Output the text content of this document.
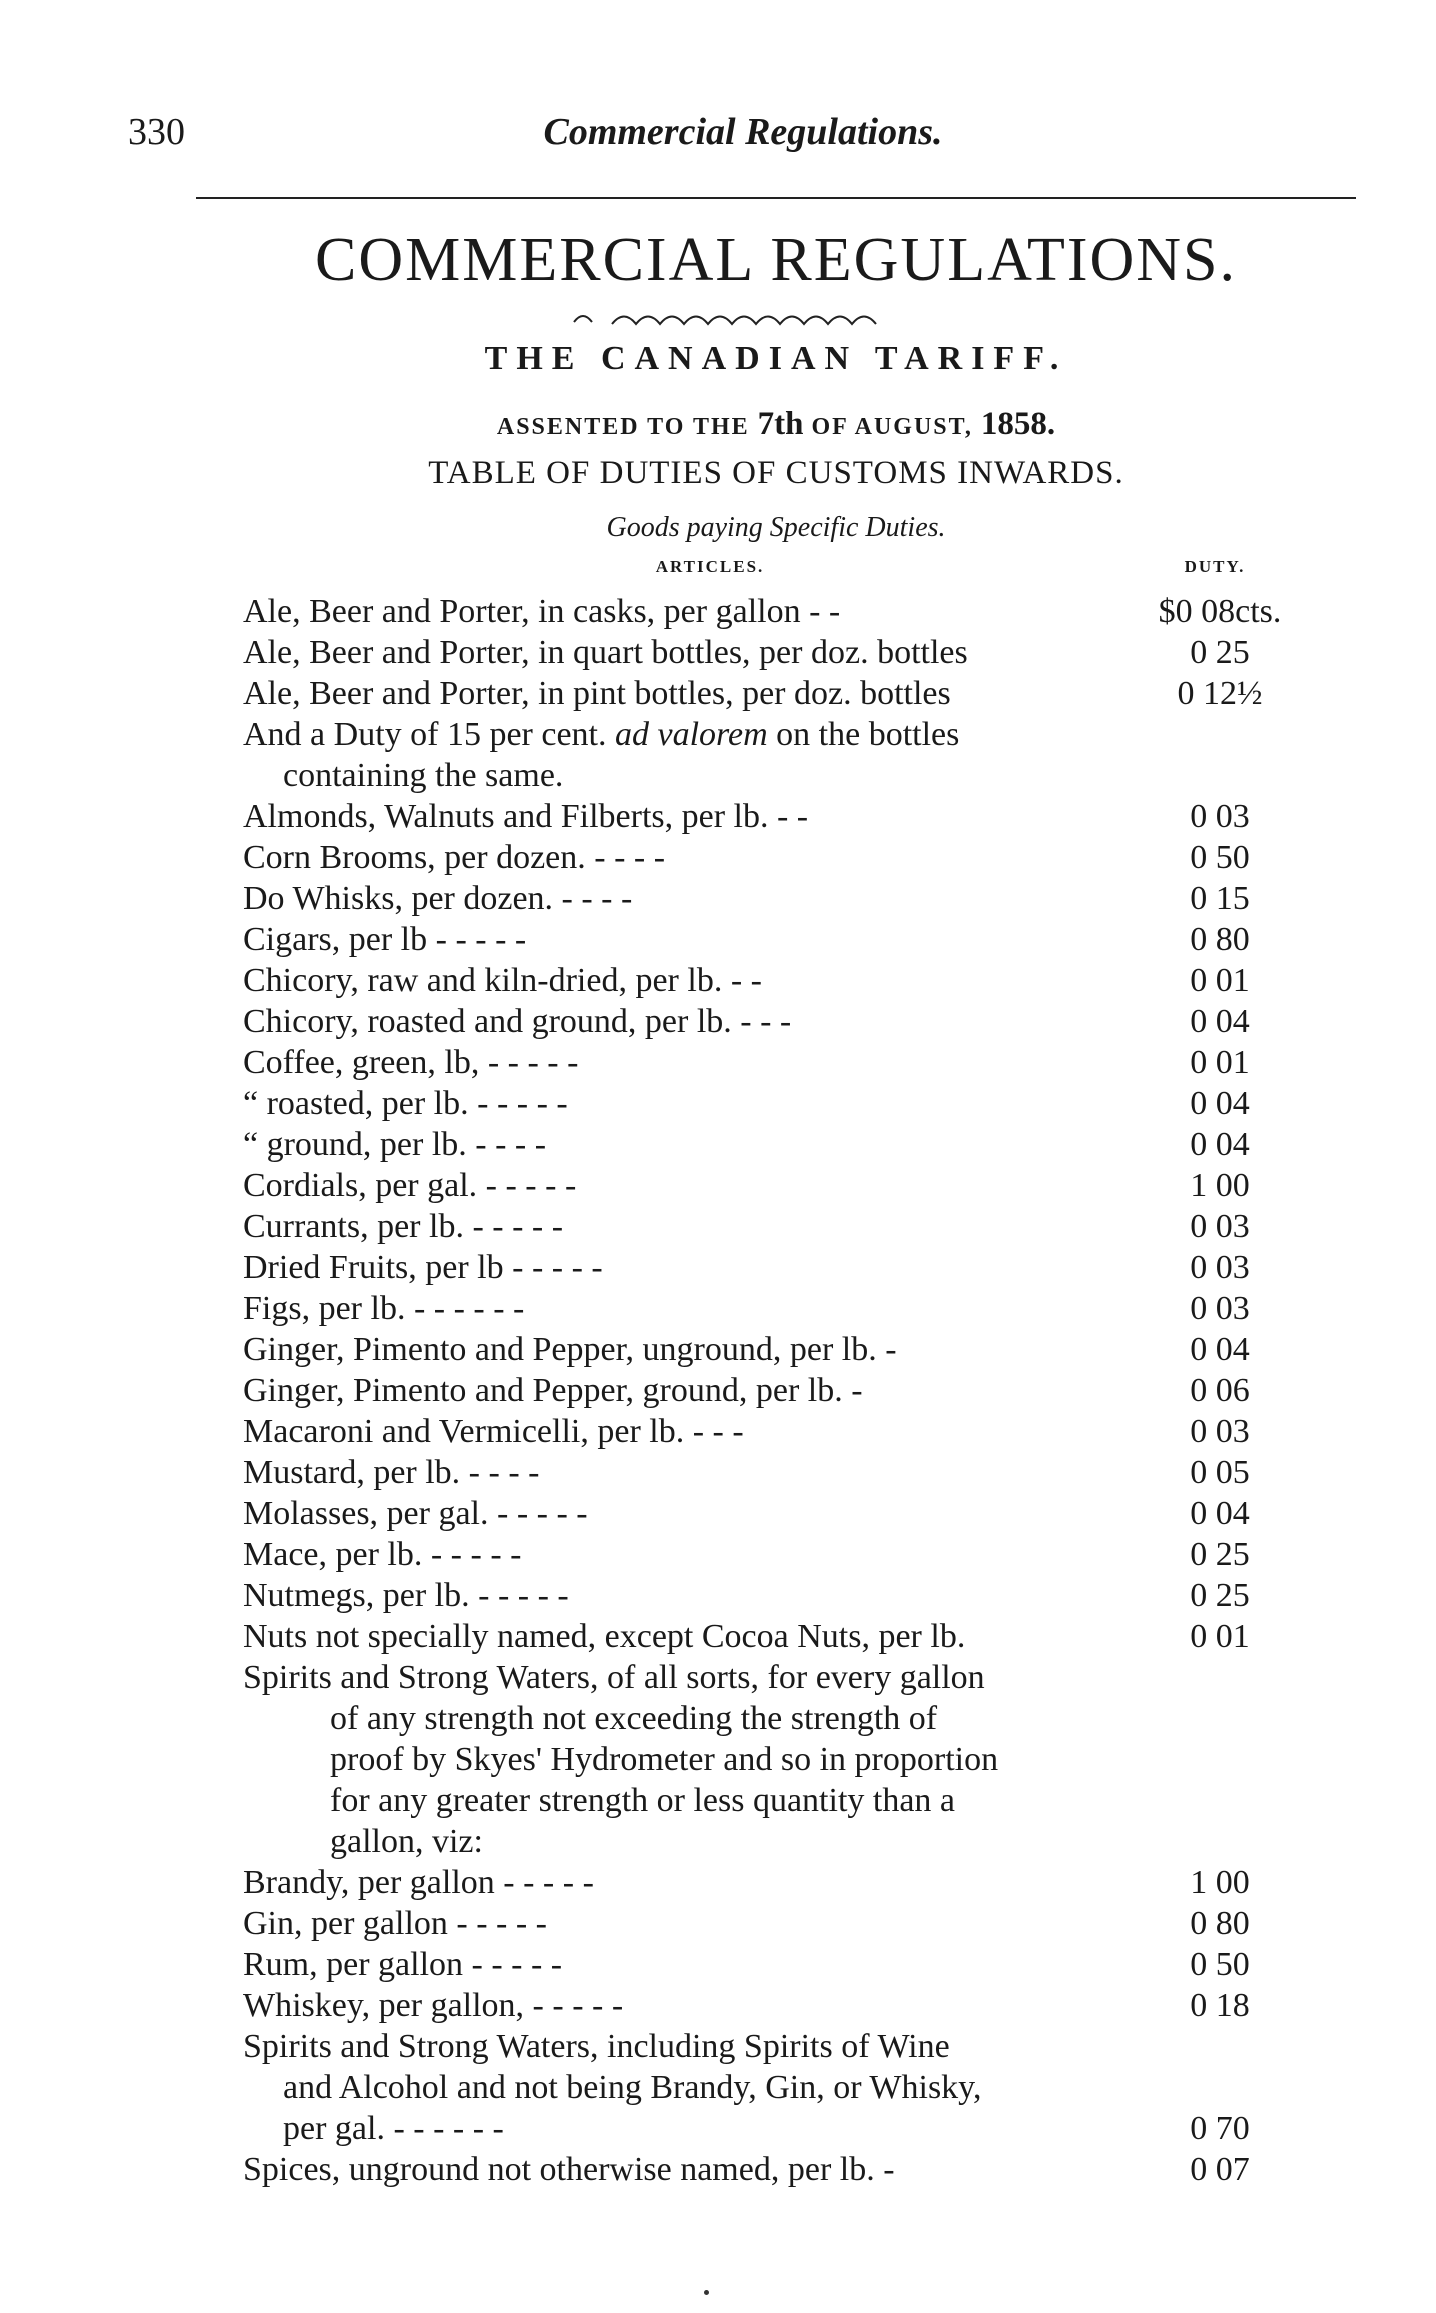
330	Commercial Regulations.
COMMERCIAL REGULATIONS.
THE CANADIAN TARIFF.
ASSENTED TO THE 7th OF AUGUST, 1858.
TABLE OF DUTIES OF CUSTOMS INWARDS.
Goods paying Specific Duties.
ARTICLES.	DUTY.
Ale, Beer and Porter, in casks, per gallon - -	$0 08cts.
Ale, Beer and Porter, in quart bottles, per doz. bottles	0 25
Ale, Beer and Porter, in pint bottles, per doz. bottles	0 12½
And a Duty of 15 per cent. ad valorem on the bottles
containing the same.
Almonds, Walnuts and Filberts, per lb. - -	0 03
Corn Brooms, per dozen. - - - -	0 50
Do Whisks, per dozen. - - - -	0 15
Cigars, per lb - - - - -	0 80
Chicory, raw and kiln-dried, per lb. - -	0 01
Chicory, roasted and ground, per lb. - - -	0 04
Coffee, green, lb, - - - - -	0 01
“ roasted, per lb. - - - - -	0 04
“ ground, per lb. - - - -	0 04
Cordials, per gal. - - - - -	1 00
Currants, per lb. - - - - -	0 03
Dried Fruits, per lb - - - - -	0 03
Figs, per lb. - - - - - -	0 03
Ginger, Pimento and Pepper, unground, per lb. -	0 04
Ginger, Pimento and Pepper, ground, per lb. -	0 06
Macaroni and Vermicelli, per lb. - - -	0 03
Mustard, per lb. - - - -	0 05
Molasses, per gal. - - - - -	0 04
Mace, per lb. - - - - -	0 25
Nutmegs, per lb. - - - - -	0 25
Nuts not specially named, except Cocoa Nuts, per lb.	0 01
Spirits and Strong Waters, of all sorts, for every gallon
of any strength not exceeding the strength of
proof by Skyes' Hydrometer and so in proportion
for any greater strength or less quantity than a
gallon, viz:
Brandy, per gallon - - - - -	1 00
Gin, per gallon - - - - -	0 80
Rum, per gallon - - - - -	0 50
Whiskey, per gallon, - - - - -	0 18
Spirits and Strong Waters, including Spirits of Wine
and Alcohol and not being Brandy, Gin, or Whisky,
per gal. - - - - - -	0 70
Spices, unground not otherwise named, per lb. -	0 07
